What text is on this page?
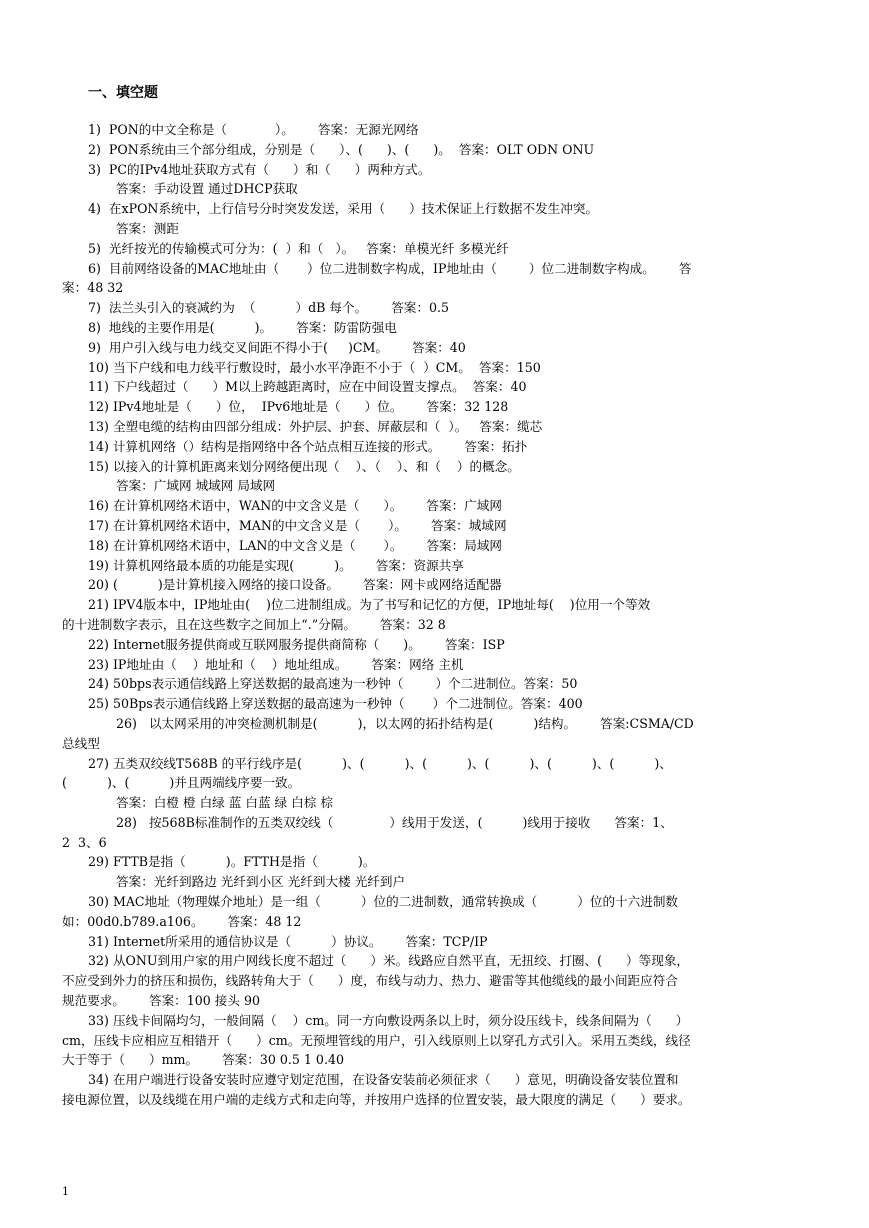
一、填空题
1)  PON的中文全称是（            ）。      答案：无源光网络
2)  PON系统由三个部分组成，分别是（      ）、(      )、(      )。  答案：OLT ODN ONU
3)  PC的IPv4地址获取方式有（      ）和（      ）两种方式。
答案：手动设置 通过DHCP获取
4)  在xPON系统中，上行信号分时突发发送，采用（      ）技术保证上行数据不发生冲突。
答案：测距
5)  光纤按光的传输模式可分为：(  ）和（   ）。   答案：单模光纤 多模光纤
6)  目前网络设备的MAC地址由（       ）位二进制数字构成，IP地址由（        ）位二进制数字构成。      答
案：48 32
7)  法兰头引入的衰减约为  （          ）dB 每个。      答案：0.5
8)  地线的主要作用是(          )。      答案：防雷防强电
9)  用户引入线与电力线交叉间距不得小于(     )CM。      答案：40
10) 当下户线和电力线平行敷设时，最小水平净距不小于（  ）CM。  答案：150
11) 下户线超过（      ）M以上跨越距离时，应在中间设置支撑点。  答案：40
12) IPv4地址是（      ）位，  IPv6地址是（      ）位。      答案：32 128
13) 全塑电缆的结构由四部分组成：外护层、护套、屏蔽层和（  ）。   答案：缆芯
14) 计算机网络（）结构是指网络中各个站点相互连接的形式。      答案：拓扑
15) 以接入的计算机距离来划分网络便出现（    ）、（    ）、和（    ）的概念。
答案：广域网 城域网 局域网
16) 在计算机网络术语中，WAN的中文含义是（      ）。      答案：广域网
17) 在计算机网络术语中，MAN的中文含义是（       ）。      答案：城域网
18) 在计算机网络术语中，LAN的中文含义是（       ）。      答案：局域网
19) 计算机网络最本质的功能是实现(          )。      答案：资源共享
20) (          )是计算机接入网络的接口设备。      答案：网卡或网络适配器
21) IPV4版本中，IP地址由(    )位二进制组成。为了书写和记忆的方便，IP地址每(    )位用一个等效
的十进制数字表示，且在这些数字之间加上“.”分隔。      答案：32 8
22) Internet服务提供商或互联网服务提供商简称（      )。      答案：ISP
23) IP地址由（    ）地址和（    ）地址组成。      答案：网络 主机
24) 50bps表示通信线路上穿送数据的最高速为一秒钟（        ）个二进制位。答案：50
25) 50Bps表示通信线路上穿送数据的最高速为一秒钟（       ）个二进制位。答案：400
26)   以太网采用的冲突检测机制是(          )，以太网的拓扑结构是(          )结构。      答案:CSMA/CD
总线型
27) 五类双绞线T568B 的平行线序是(          )、(          )、(          )、(          )、(          )、(          )、
(          )、(          )并且两端线序要一致。
答案：白橙 橙 白绿 蓝 白蓝 绿 白棕 棕
28)   按568B标准制作的五类双绞线（              ）线用于发送，(          )线用于接收      答案：1、
2  3、6
29) FTTB是指（          )。FTTH是指（          )。
答案：光纤到路边 光纤到小区 光纤到大楼 光纤到户
30) MAC地址（物理媒介地址）是一组（          ）位的二进制数，通常转换成（          ）位的十六进制数
如：00d0.b789.a106。      答案：48 12
31) Internet所采用的通信协议是（          ）协议。      答案：TCP/IP
32) 从ONU到用户家的用户网线长度不超过（      ）米。线路应自然平直，无扭绞、打圈、(      ）等现象，
不应受到外力的挤压和损伤，线路转角大于（      ）度，布线与动力、热力、避雷等其他缆线的最小间距应符合
规范要求。      答案：100 接头 90
33) 压线卡间隔均匀，一般间隔（    ）cm。同一方向敷设两条以上时，须分设压线卡，线条间隔为（      ）
cm，压线卡应相应互相错开（      ）cm。无预埋管线的用户，引入线原则上以穿孔方式引入。采用五类线，线径
大于等于（      ）mm。      答案：30 0.5 1 0.40
34) 在用户端进行设备安装时应遵守划定范围，在设备安装前必须征求（      ）意见，明确设备安装位置和
接电源位置，以及线缆在用户端的走线方式和走向等，并按用户选择的位置安装，最大限度的满足（      ）要求。
1
